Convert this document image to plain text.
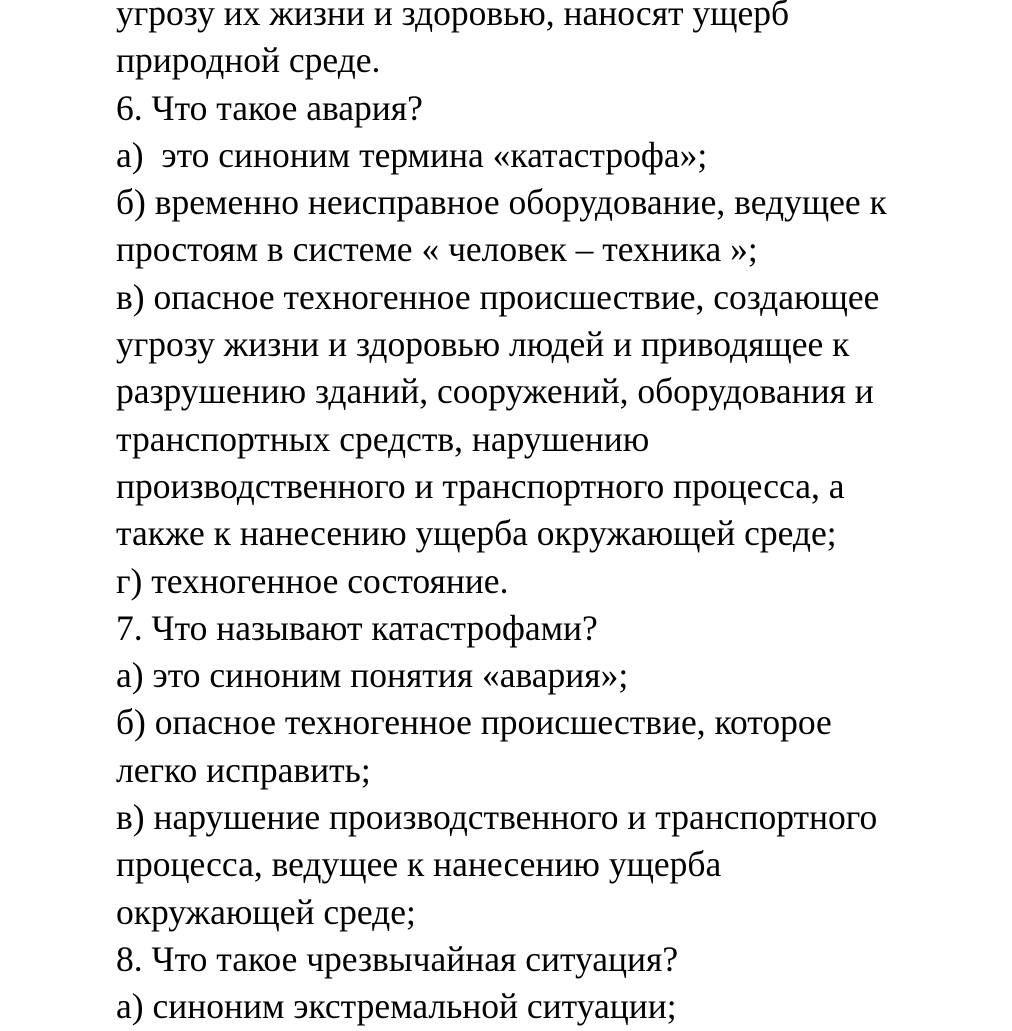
угрозу их жизни и здоровью, наносят ущерб
природной среде.
6. Что такое авария?
а)  это синоним термина «катастрофа»;
б) временно неисправное оборудование, ведущее к
простоям в системе « человек – техника »;
в) опасное техногенное происшествие, создающее
угрозу жизни и здоровью людей и приводящее к
разрушению зданий, сооружений, оборудования и
транспортных средств, нарушению
производственного и транспортного процесса, а
также к нанесению ущерба окружающей среде;
г) техногенное состояние.
7. Что называют катастрофами?
а) это синоним понятия «авария»;
б) опасное техногенное происшествие, которое
легко исправить;
в) нарушение производственного и транспортного
процесса, ведущее к нанесению ущерба
окружающей среде;
8. Что такое чрезвычайная ситуация?
а) синоним экстремальной ситуации;
